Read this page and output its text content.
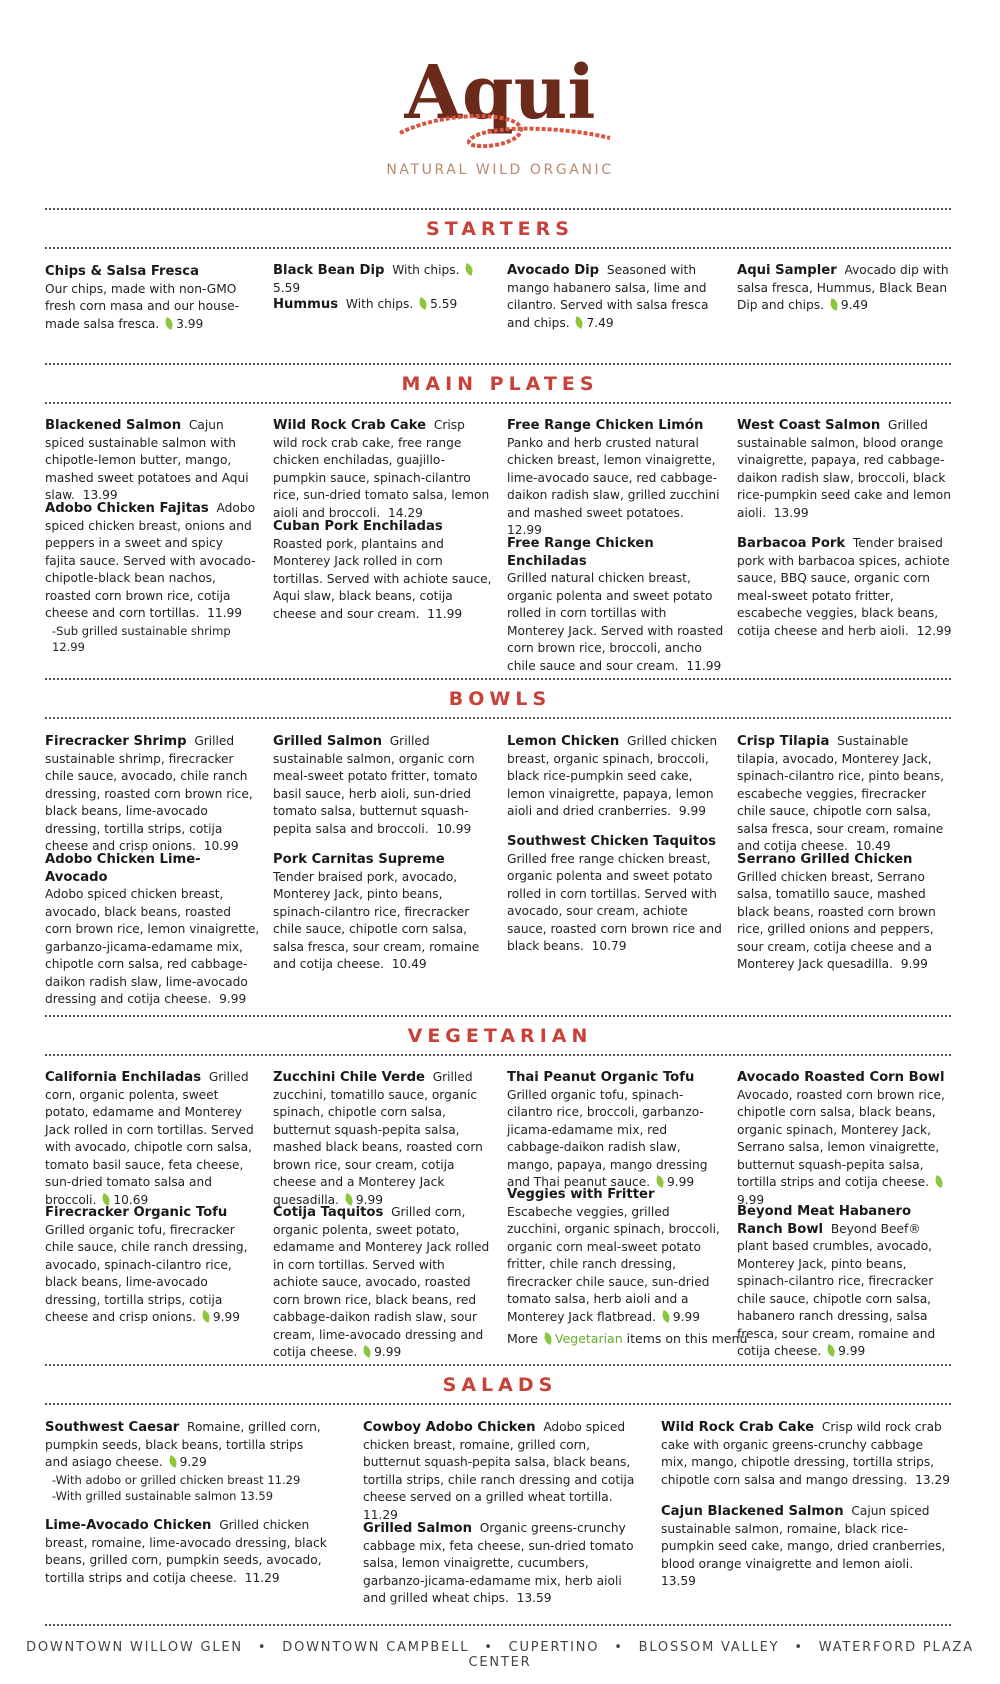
Aqui
NATURAL WILD ORGANIC
STARTERS
Chips & Salsa Fresca
Our chips, made with non-GMO fresh corn masa and our house-made salsa fresca. 3.99
Black Bean Dip With chips. 5.59
Hummus With chips. 5.59
Avocado Dip Seasoned with mango habanero salsa, lime and cilantro. Served with salsa fresca and chips. 7.49
Aqui Sampler Avocado dip with salsa fresca, Hummus, Black Bean Dip and chips. 9.49
MAIN PLATES
Blackened Salmon Cajun spiced sustainable salmon with chipotle-lemon butter, mango, mashed sweet potatoes and Aqui slaw. 13.99
Adobo Chicken Fajitas Adobo spiced chicken breast, onions and peppers in a sweet and spicy fajita sauce. Served with avocado-chipotle-black bean nachos, roasted corn brown rice, cotija cheese and corn tortillas. 11.99
-Sub grilled sustainable shrimp 12.99
Wild Rock Crab Cake Crisp wild rock crab cake, free range chicken enchiladas, guajillo-pumpkin sauce, spinach-cilantro rice, sun-dried tomato salsa, lemon aioli and broccoli. 14.29
Cuban Pork Enchiladas  Roasted pork, plantains and Monterey Jack rolled in corn tortillas. Served with achiote sauce, Aqui slaw, black beans, cotija cheese and sour cream. 11.99
Free Range Chicken Limón  Panko and herb crusted natural chicken breast, lemon vinaigrette, lime-avocado sauce, red cabbage-daikon radish slaw, grilled zucchini and mashed sweet potatoes.  12.99
Free Range Chicken Enchiladas
Grilled natural chicken breast, organic polenta and sweet potato rolled in corn tortillas with Monterey Jack. Served with roasted corn brown rice, broccoli, ancho chile sauce and sour cream. 11.99
West Coast Salmon Grilled sustainable salmon, blood orange vinaigrette, papaya, red cabbage-daikon radish slaw, broccoli, black rice-pumpkin seed cake and lemon aioli. 13.99
Barbacoa Pork Tender braised pork with barbacoa spices, achiote sauce, BBQ sauce, organic corn meal-sweet potato fritter, escabeche veggies, black beans, cotija cheese and herb aioli. 12.99
BOWLS
Firecracker Shrimp Grilled sustainable shrimp, firecracker chile sauce, avocado, chile ranch dressing, roasted corn brown rice, black beans, lime-avocado dressing, tortilla strips, cotija cheese and crisp onions. 10.99
Adobo Chicken Lime-Avocado
Adobo spiced chicken breast, avocado, black beans, roasted corn brown rice, lemon vinaigrette, garbanzo-jicama-edamame mix, chipotle corn salsa, red cabbage-daikon radish slaw, lime-avocado dressing and cotija cheese. 9.99
Grilled Salmon Grilled sustainable salmon, organic corn meal-sweet potato fritter, tomato basil sauce, herb aioli, sun-dried tomato salsa, butternut squash-pepita salsa and broccoli. 10.99
Pork Carnitas Supreme  Tender braised pork, avocado, Monterey Jack, pinto beans, spinach-cilantro rice, firecracker chile sauce, chipotle corn salsa, salsa fresca, sour cream, romaine and cotija cheese. 10.49
Lemon Chicken Grilled chicken breast, organic spinach, broccoli, black rice-pumpkin seed cake, lemon vinaigrette, papaya, lemon aioli and dried cranberries. 9.99
Southwest Chicken Taquitos
Grilled free range chicken breast, organic polenta and sweet potato rolled in corn tortillas. Served with avocado, sour cream, achiote sauce, roasted corn brown rice and black beans. 10.79
Crisp Tilapia Sustainable tilapia, avocado, Monterey Jack, spinach-cilantro rice, pinto beans, escabeche veggies, firecracker chile sauce, chipotle corn salsa, salsa fresca, sour cream, romaine and cotija cheese. 10.49
Serrano Grilled Chicken
Grilled chicken breast, Serrano salsa, tomatillo sauce, mashed black beans, roasted corn brown rice, grilled onions and peppers, sour cream, cotija cheese and a Monterey Jack quesadilla. 9.99
VEGETARIAN
California Enchiladas Grilled corn, organic polenta, sweet potato, edamame and Monterey Jack rolled in corn tortillas. Served with avocado, chipotle corn salsa, tomato basil sauce, feta cheese, sun-dried tomato salsa and broccoli. 10.69
Firecracker Organic Tofu  Grilled organic tofu, firecracker chile sauce, chile ranch dressing, avocado, spinach-cilantro rice, black beans, lime-avocado dressing, tortilla strips, cotija cheese and crisp onions. 9.99
Zucchini Chile Verde Grilled zucchini, tomatillo sauce, organic spinach, chipotle corn salsa, butternut squash-pepita salsa, mashed black beans, roasted corn brown rice, sour cream, cotija cheese and a Monterey Jack quesadilla. 9.99
Cotija Taquitos Grilled corn, organic polenta, sweet potato, edamame and Monterey Jack rolled in corn tortillas. Served with achiote sauce, avocado, roasted corn brown rice, black beans, red cabbage-daikon radish slaw, sour cream, lime-avocado dressing and cotija cheese. 9.99
Thai Peanut Organic Tofu  Grilled organic tofu, spinach-cilantro rice, broccoli, garbanzo-jicama-edamame mix, red cabbage-daikon radish slaw, mango, papaya, mango dressing and Thai peanut sauce. 9.99
Veggies with Fritter  Escabeche veggies, grilled zucchini, organic spinach, broccoli, organic corn meal-sweet potato fritter, chile ranch dressing, firecracker chile sauce, sun-dried tomato salsa, herb aioli and a Monterey Jack flatbread. 9.99
More Vegetarian items on this menu
Avocado Roasted Corn Bowl
Avocado, roasted corn brown rice, chipotle corn salsa, black beans, organic spinach, Monterey Jack, Serrano salsa, lemon vinaigrette, butternut squash-pepita salsa, tortilla strips and cotija cheese. 9.99
Beyond Meat Habanero Ranch Bowl Beyond Beef® plant based crumbles, avocado, Monterey Jack, pinto beans, spinach-cilantro rice, firecracker chile sauce, chipotle corn salsa, habanero ranch dressing, salsa fresca, sour cream, romaine and cotija cheese. 9.99
SALADS
Southwest Caesar Romaine, grilled corn, pumpkin seeds, black beans, tortilla strips and asiago cheese. 9.29
-With adobo or grilled chicken breast 11.29
-With grilled sustainable salmon 13.59
Lime-Avocado Chicken Grilled chicken breast, romaine, lime-avocado dressing, black beans, grilled corn, pumpkin seeds, avocado, tortilla strips and cotija cheese. 11.29
Cowboy Adobo Chicken Adobo spiced chicken breast, romaine, grilled corn, butternut squash-pepita salsa, black beans, tortilla strips, chile ranch dressing and cotija cheese served on a grilled wheat tortilla.  11.29
Grilled Salmon Organic greens-crunchy cabbage mix, feta cheese, sun-dried tomato salsa, lemon vinaigrette, cucumbers, garbanzo-jicama-edamame mix, herb aioli and grilled wheat chips. 13.59
Wild Rock Crab Cake Crisp wild rock crab cake with organic greens-crunchy cabbage mix, mango, chipotle dressing, tortilla strips, chipotle corn salsa and mango dressing. 13.29
Cajun Blackened Salmon Cajun spiced sustainable salmon, romaine, black rice-pumpkin seed cake, mango, dried cranberries, blood orange vinaigrette and lemon aioli.  13.59
DOWNTOWN WILLOW GLEN • DOWNTOWN CAMPBELL • CUPERTINO • BLOSSOM VALLEY • WATERFORD PLAZA CENTER
